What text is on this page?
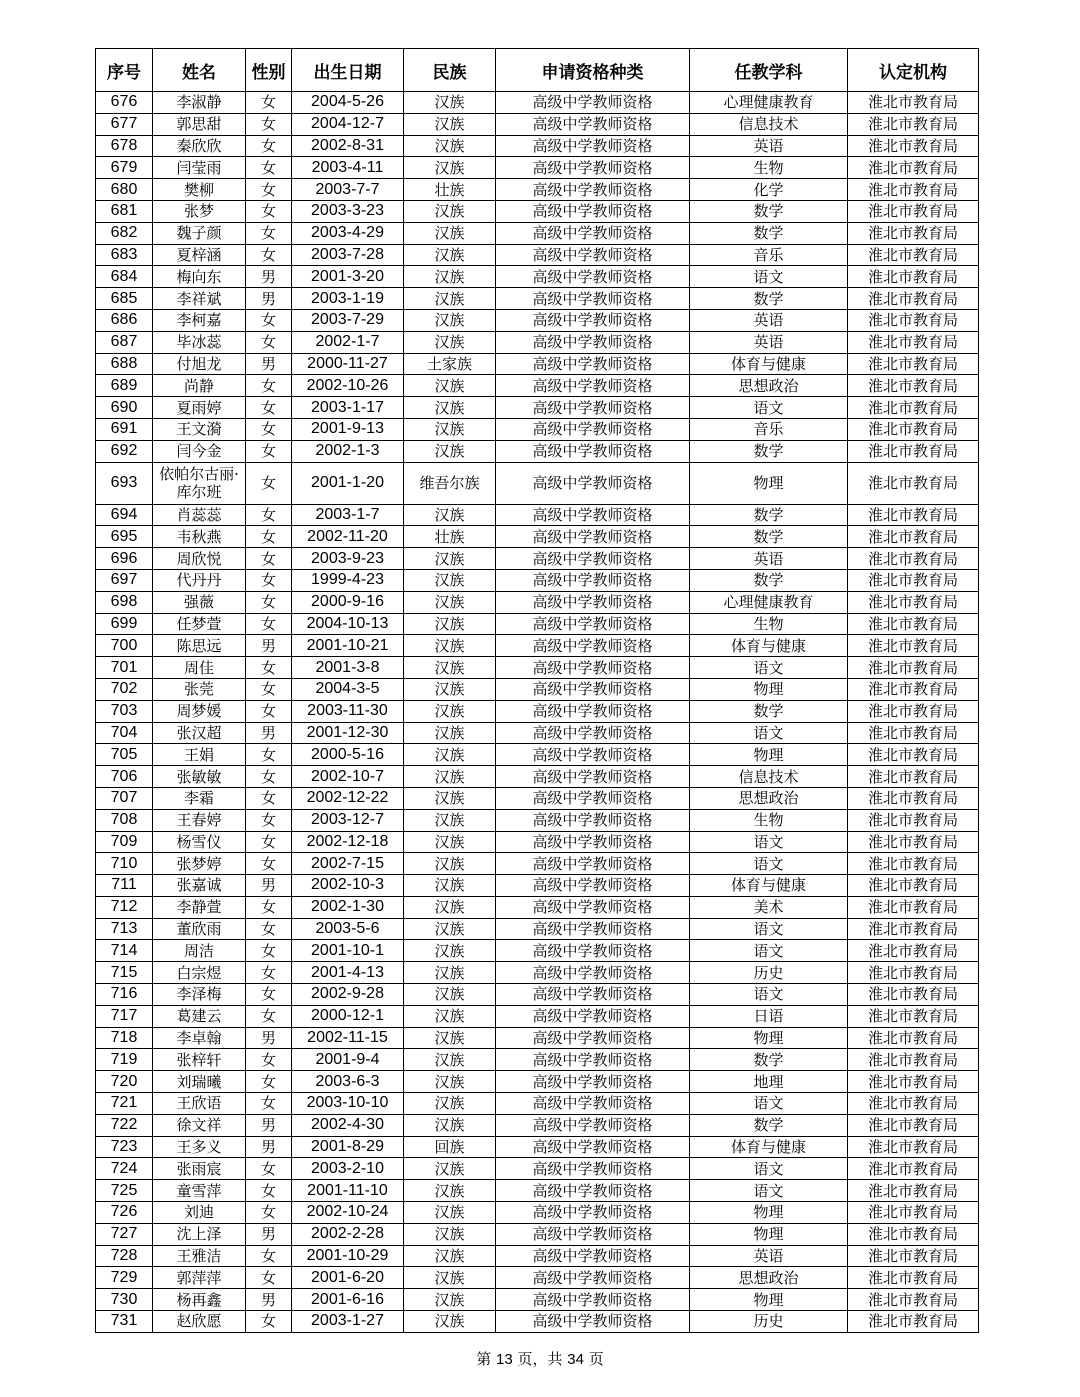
序号	姓名	性别	出生日期	民族	申请资格种类	任教学科	认定机构
676	李淑静	女	2004-5-26	汉族	高级中学教师资格	心理健康教育	淮北市教育局
677	郭思甜	女	2004-12-7	汉族	高级中学教师资格	信息技术	淮北市教育局
678	秦欣欣	女	2002-8-31	汉族	高级中学教师资格	英语	淮北市教育局
679	闫莹雨	女	2003-4-11	汉族	高级中学教师资格	生物	淮北市教育局
680	樊柳	女	2003-7-7	壮族	高级中学教师资格	化学	淮北市教育局
681	张梦	女	2003-3-23	汉族	高级中学教师资格	数学	淮北市教育局
682	魏子颜	女	2003-4-29	汉族	高级中学教师资格	数学	淮北市教育局
683	夏梓涵	女	2003-7-28	汉族	高级中学教师资格	音乐	淮北市教育局
684	梅向东	男	2001-3-20	汉族	高级中学教师资格	语文	淮北市教育局
685	李祥斌	男	2003-1-19	汉族	高级中学教师资格	数学	淮北市教育局
686	李柯嘉	女	2003-7-29	汉族	高级中学教师资格	英语	淮北市教育局
687	毕冰蕊	女	2002-1-7	汉族	高级中学教师资格	英语	淮北市教育局
688	付旭龙	男	2000-11-27	土家族	高级中学教师资格	体育与健康	淮北市教育局
689	尚静	女	2002-10-26	汉族	高级中学教师资格	思想政治	淮北市教育局
690	夏雨婷	女	2003-1-17	汉族	高级中学教师资格	语文	淮北市教育局
691	王文漪	女	2001-9-13	汉族	高级中学教师资格	音乐	淮北市教育局
692	闫今金	女	2002-1-3	汉族	高级中学教师资格	数学	淮北市教育局
693	依帕尔古丽·库尔班	女	2001-1-20	维吾尔族	高级中学教师资格	物理	淮北市教育局
694	肖蕊蕊	女	2003-1-7	汉族	高级中学教师资格	数学	淮北市教育局
695	韦秋燕	女	2002-11-20	壮族	高级中学教师资格	数学	淮北市教育局
696	周欣悦	女	2003-9-23	汉族	高级中学教师资格	英语	淮北市教育局
697	代丹丹	女	1999-4-23	汉族	高级中学教师资格	数学	淮北市教育局
698	强薇	女	2000-9-16	汉族	高级中学教师资格	心理健康教育	淮北市教育局
699	任梦萱	女	2004-10-13	汉族	高级中学教师资格	生物	淮北市教育局
700	陈思远	男	2001-10-21	汉族	高级中学教师资格	体育与健康	淮北市教育局
701	周佳	女	2001-3-8	汉族	高级中学教师资格	语文	淮北市教育局
702	张莞	女	2004-3-5	汉族	高级中学教师资格	物理	淮北市教育局
703	周梦媛	女	2003-11-30	汉族	高级中学教师资格	数学	淮北市教育局
704	张汉超	男	2001-12-30	汉族	高级中学教师资格	语文	淮北市教育局
705	王娟	女	2000-5-16	汉族	高级中学教师资格	物理	淮北市教育局
706	张敏敏	女	2002-10-7	汉族	高级中学教师资格	信息技术	淮北市教育局
707	李霜	女	2002-12-22	汉族	高级中学教师资格	思想政治	淮北市教育局
708	王春婷	女	2003-12-7	汉族	高级中学教师资格	生物	淮北市教育局
709	杨雪仪	女	2002-12-18	汉族	高级中学教师资格	语文	淮北市教育局
710	张梦婷	女	2002-7-15	汉族	高级中学教师资格	语文	淮北市教育局
711	张嘉诚	男	2002-10-3	汉族	高级中学教师资格	体育与健康	淮北市教育局
712	李静萱	女	2002-1-30	汉族	高级中学教师资格	美术	淮北市教育局
713	董欣雨	女	2003-5-6	汉族	高级中学教师资格	语文	淮北市教育局
714	周洁	女	2001-10-1	汉族	高级中学教师资格	语文	淮北市教育局
715	白宗煜	女	2001-4-13	汉族	高级中学教师资格	历史	淮北市教育局
716	李泽梅	女	2002-9-28	汉族	高级中学教师资格	语文	淮北市教育局
717	葛建云	女	2000-12-1	汉族	高级中学教师资格	日语	淮北市教育局
718	李卓翰	男	2002-11-15	汉族	高级中学教师资格	物理	淮北市教育局
719	张梓轩	女	2001-9-4	汉族	高级中学教师资格	数学	淮北市教育局
720	刘瑞曦	女	2003-6-3	汉族	高级中学教师资格	地理	淮北市教育局
721	王欣语	女	2003-10-10	汉族	高级中学教师资格	语文	淮北市教育局
722	徐文祥	男	2002-4-30	汉族	高级中学教师资格	数学	淮北市教育局
723	王多义	男	2001-8-29	回族	高级中学教师资格	体育与健康	淮北市教育局
724	张雨宸	女	2003-2-10	汉族	高级中学教师资格	语文	淮北市教育局
725	童雪萍	女	2001-11-10	汉族	高级中学教师资格	语文	淮北市教育局
726	刘迪	女	2002-10-24	汉族	高级中学教师资格	物理	淮北市教育局
727	沈上泽	男	2002-2-28	汉族	高级中学教师资格	物理	淮北市教育局
728	王雅洁	女	2001-10-29	汉族	高级中学教师资格	英语	淮北市教育局
729	郭萍萍	女	2001-6-20	汉族	高级中学教师资格	思想政治	淮北市教育局
730	杨再鑫	男	2001-6-16	汉族	高级中学教师资格	物理	淮北市教育局
731	赵欣愿	女	2003-1-27	汉族	高级中学教师资格	历史	淮北市教育局
第 13 页，共 34 页
